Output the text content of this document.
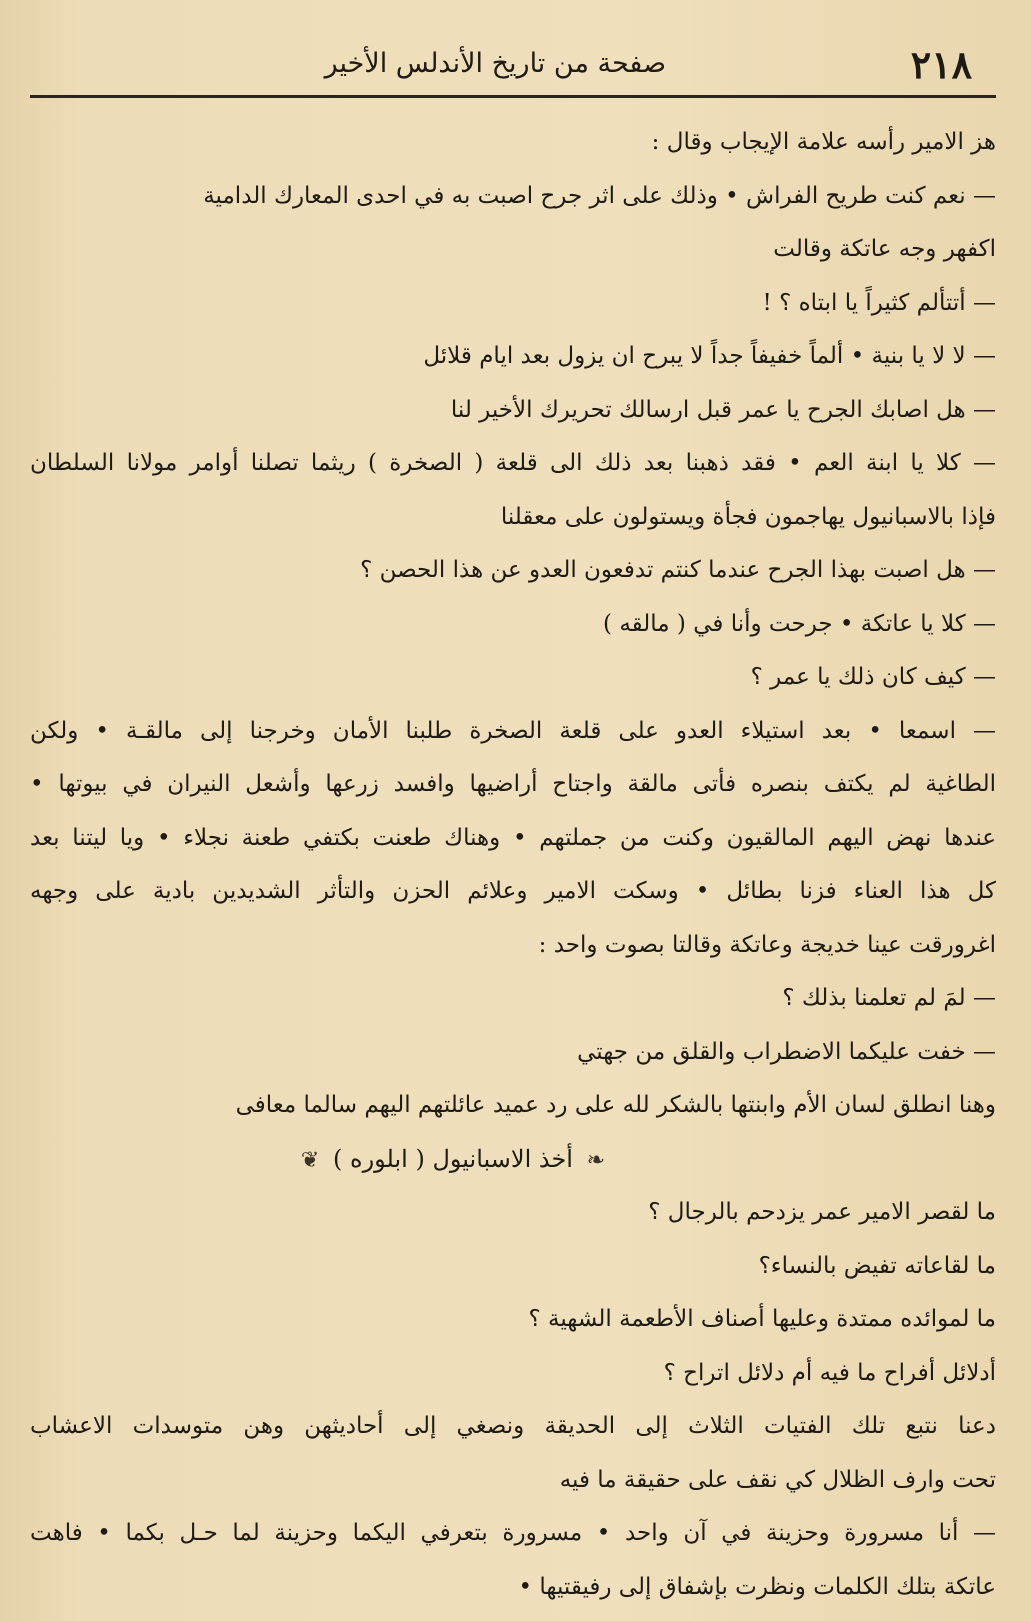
٢١٨
صفحة من تاريخ الأندلس الأخير
هز الامير رأسه علامة الإيجاب وقال :
— نعم كنت طريح الفراش • وذلك على اثر جرح اصبت به في احدى المعارك الدامية
اكفهر وجه عاتكة وقالت
— أتتألم كثيراً يا ابتاه ؟ !
— لا لا يا بنية • ألماً خفيفاً جداً لا يبرح ان يزول بعد ايام قلائل
— هل اصابك الجرح يا عمر قبل ارسالك تحريرك الأخير لنا
— كلا يا ابنة العم • فقد ذهبنا بعد ذلك الى قلعة ( الصخرة ) ريثما تصلنا أوامر مولانا السلطان
فإذا بالاسبانيول يهاجمون فجأة ويستولون على معقلنا
— هل اصبت بهذا الجرح عندما كنتم تدفعون العدو عن هذا الحصن ؟
— كلا يا عاتكة • جرحت وأنا في ( مالقه )
— كيف كان ذلك يا عمر ؟
— اسمعا • بعد استيلاء العدو على قلعة الصخرة طلبنا الأمان وخرجنا إلى مالقـة • ولكن
الطاغية لم يكتف بنصره فأتى مالقة واجتاح أراضيها وافسد زرعها وأشعل النيران في بيوتها •
عندها نهض اليهم المالقيون وكنت من جملتهم • وهناك طعنت بكتفي طعنة نجلاء • ويا ليتنا بعد
كل هذا العناء فزنا بطائل • وسكت الامير وعلائم الحزن والتأثر الشديدين بادية على وجهه
اغرورقت عينا خديجة وعاتكة وقالتا بصوت واحد :
— لمَ لم تعلمنا بذلك ؟
— خفت عليكما الاضطراب والقلق من جهتي
وهنا انطلق لسان الأم وابنتها بالشكر لله على رد عميد عائلتهم اليهم سالما معافى
❧ أخذ الاسبانيول ( ابلوره ) ❦
ما لقصر الامير عمر يزدحم بالرجال ؟
ما لقاعاته تفيض بالنساء؟
ما لموائده ممتدة وعليها أصناف الأطعمة الشهية ؟
أدلائل أفراح ما فيه أم دلائل اتراح ؟
دعنا نتبع تلك الفتيات الثلاث إلى الحديقة ونصغي إلى أحاديثهن وهن متوسدات الاعشاب
تحت وارف الظلال كي نقف على حقيقة ما فيه
— أنا مسرورة وحزينة في آن واحد • مسرورة بتعرفي اليكما وحزينة لما حـل بكما • فاهت
عاتكة بتلك الكلمات ونظرت بإشفاق إلى رفيقتيها •
